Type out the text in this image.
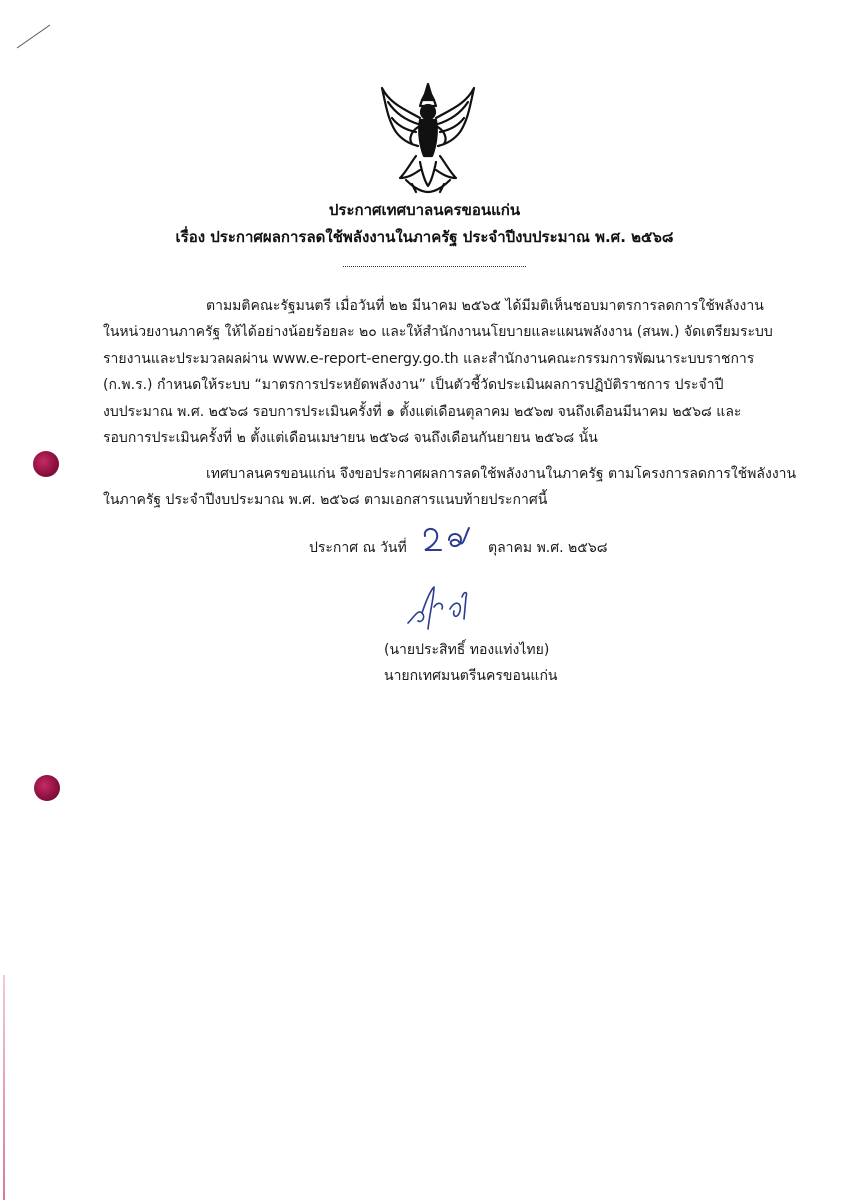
ประกาศเทศบาลนครขอนแก่น
เรื่อง ประกาศผลการลดใช้พลังงานในภาครัฐ ประจำปีงบประมาณ พ.ศ. ๒๕๖๘
ตามมติคณะรัฐมนตรี เมื่อวันที่ ๒๒ มีนาคม ๒๕๖๕ ได้มีมติเห็นชอบมาตรการลดการใช้พลังงาน
ในหน่วยงานภาครัฐ ให้ได้อย่างน้อยร้อยละ ๒๐ และให้สำนักงานนโยบายและแผนพลังงาน (สนพ.) จัดเตรียมระบบ
รายงานและประมวลผลผ่าน www.e-report-energy.go.th และสำนักงานคณะกรรมการพัฒนาระบบราชการ
(ก.พ.ร.) กำหนดให้ระบบ “มาตรการประหยัดพลังงาน” เป็นตัวชี้วัดประเมินผลการปฏิบัติราชการ ประจำปี
งบประมาณ พ.ศ. ๒๕๖๘ รอบการประเมินครั้งที่ ๑ ตั้งแต่เดือนตุลาคม ๒๕๖๗ จนถึงเดือนมีนาคม ๒๕๖๘ และ
รอบการประเมินครั้งที่ ๒ ตั้งแต่เดือนเมษายน ๒๕๖๘ จนถึงเดือนกันยายน ๒๕๖๘ นั้น
เทศบาลนครขอนแก่น จึงขอประกาศผลการลดใช้พลังงานในภาครัฐ ตามโครงการลดการใช้พลังงาน
ในภาครัฐ ประจำปีงบประมาณ พ.ศ. ๒๕๖๘ ตามเอกสารแนบท้ายประกาศนี้
ประกาศ ณ วันที่	ตุลาคม พ.ศ. ๒๕๖๘
(นายประสิทธิ์ ทองแท่งไทย)
นายกเทศมนตรีนครขอนแก่น
